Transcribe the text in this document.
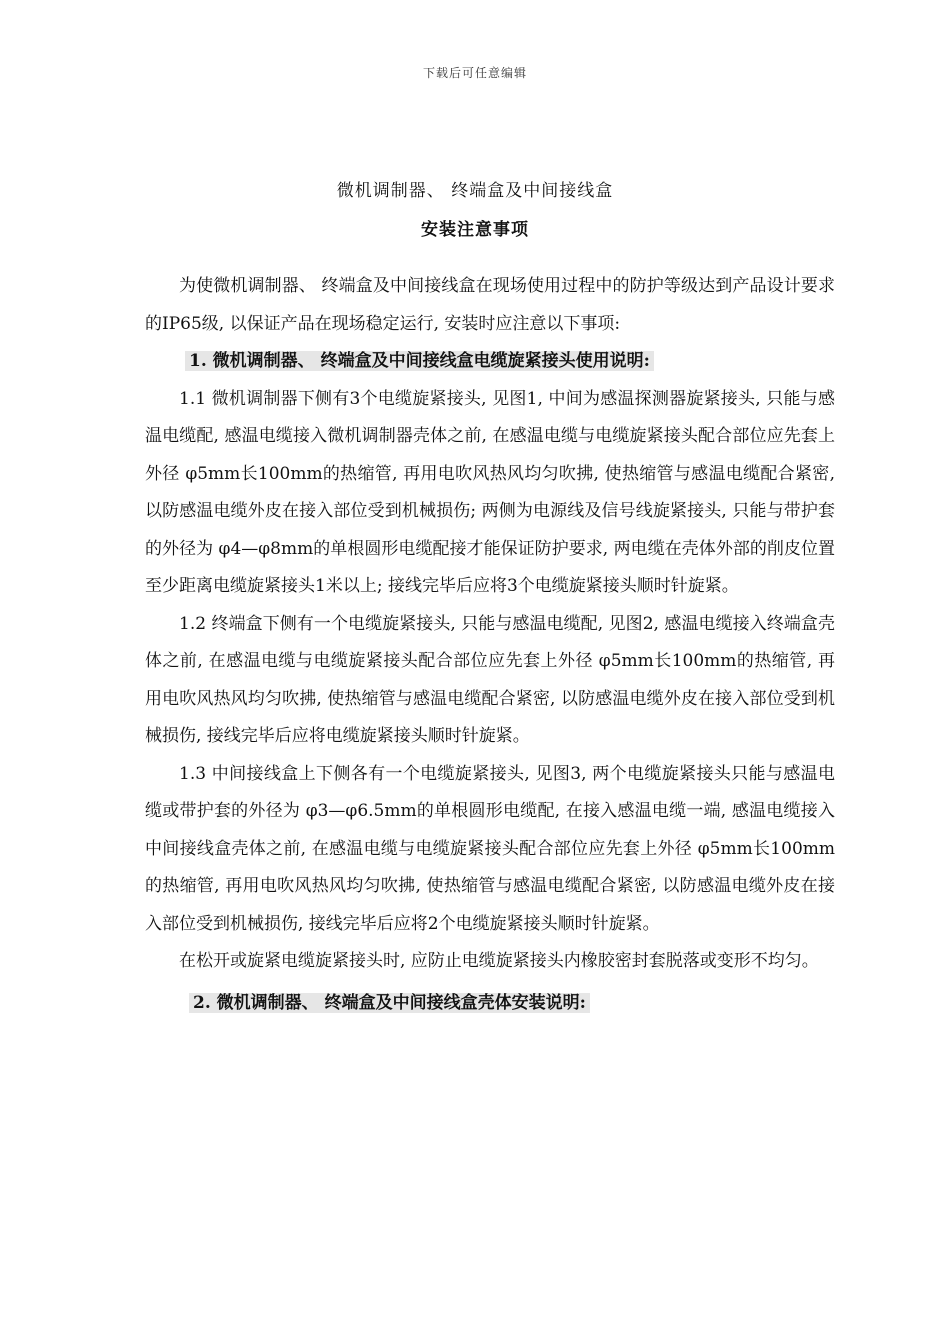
下载后可任意编辑
微机调制器、 终端盒及中间接线盒
安装注意事项

为使微机调制器、 终端盒及中间接线盒在现场使用过程中的防护等级达到产品设计要求的IP65级, 以保证产品在现场稳定运行, 安装时应注意以下事项:

1. 微机调制器、 终端盒及中间接线盒电缆旋紧接头使用说明:

1.1 微机调制器下侧有3个电缆旋紧接头, 见图1, 中间为感温探测器旋紧接头, 只能与感温电缆配, 感温电缆接入微机调制器壳体之前, 在感温电缆与电缆旋紧接头配合部位应先套上外径 φ5mm长100mm的热缩管, 再用电吹风热风均匀吹拂, 使热缩管与感温电缆配合紧密, 以防感温电缆外皮在接入部位受到机械损伤; 两侧为电源线及信号线旋紧接头, 只能与带护套的外径为 φ4—φ8mm的单根圆形电缆配接才能保证防护要求, 两电缆在壳体外部的削皮位置至少距离电缆旋紧接头1米以上; 接线完毕后应将3个电缆旋紧接头顺时针旋紧。

1.2 终端盒下侧有一个电缆旋紧接头, 只能与感温电缆配, 见图2, 感温电缆接入终端盒壳体之前, 在感温电缆与电缆旋紧接头配合部位应先套上外径 φ5mm长100mm的热缩管, 再用电吹风热风均匀吹拂, 使热缩管与感温电缆配合紧密, 以防感温电缆外皮在接入部位受到机械损伤, 接线完毕后应将电缆旋紧接头顺时针旋紧。

1.3 中间接线盒上下侧各有一个电缆旋紧接头, 见图3, 两个电缆旋紧接头只能与感温电缆或带护套的外径为 φ3—φ6.5mm的单根圆形电缆配, 在接入感温电缆一端, 感温电缆接入中间接线盒壳体之前, 在感温电缆与电缆旋紧接头配合部位应先套上外径 φ5mm长100mm的热缩管, 再用电吹风热风均匀吹拂, 使热缩管与感温电缆配合紧密, 以防感温电缆外皮在接入部位受到机械损伤, 接线完毕后应将2个电缆旋紧接头顺时针旋紧。

在松开或旋紧电缆旋紧接头时, 应防止电缆旋紧接头内橡胶密封套脱落或变形不均匀。

2. 微机调制器、 终端盒及中间接线盒壳体安装说明:
